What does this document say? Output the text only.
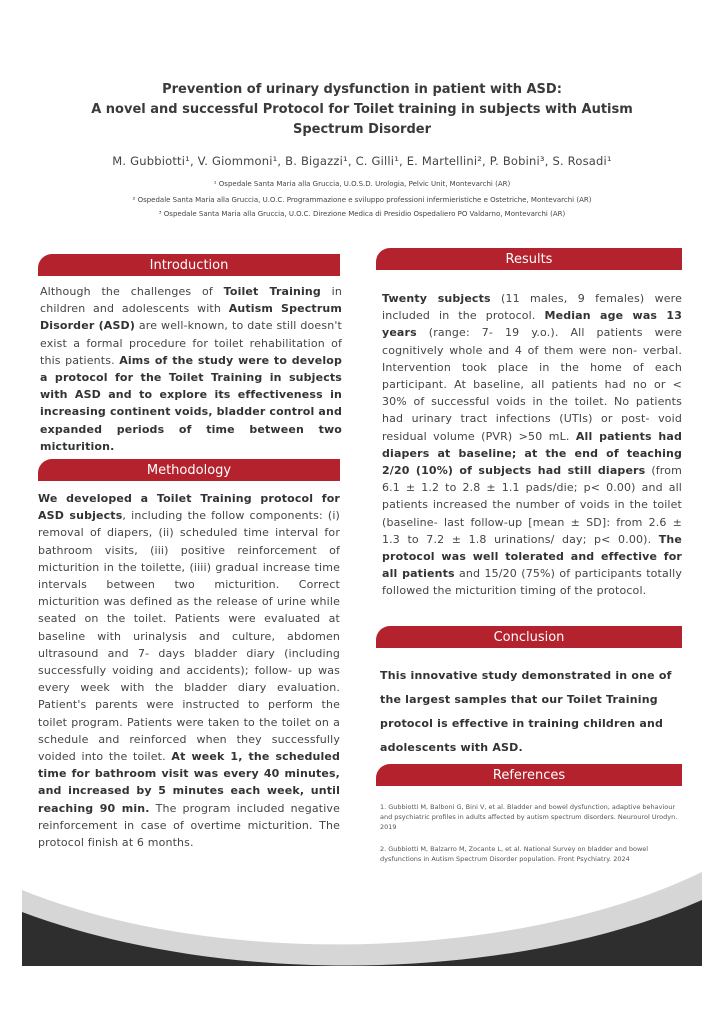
Prevention of urinary dysfunction in patient with ASD:
A novel and successful Protocol for Toilet training in subjects with Autism
Spectrum Disorder
M. Gubbiotti¹, V. Giommoni¹, B. Bigazzi¹, C. Gilli¹, E. Martellini², P. Bobini³, S. Rosadi¹
¹ Ospedale Santa Maria alla Gruccia, U.O.S.D. Urologia, Pelvic Unit, Montevarchi (AR)
² Ospedale Santa Maria alla Gruccia, U.O.C. Programmazione e sviluppo professioni infermieristiche e Ostetriche, Montevarchi (AR)
³ Ospedale Santa Maria alla Gruccia, U.O.C. Direzione Medica di Presidio Ospedaliero PO Valdarno, Montevarchi (AR)
Introduction
Although the challenges of Toilet Training in children and adolescents with Autism Spectrum Disorder (ASD) are well-known, to date still doesn't exist a formal procedure for toilet rehabilitation of this patients. Aims of the study were to develop a protocol for the Toilet Training in subjects with ASD and to explore its effectiveness in increasing continent voids, bladder control and expanded periods of time between two micturition.
Methodology
We developed a Toilet Training protocol for ASD subjects, including the follow components: (i) removal of diapers, (ii) scheduled time interval for bathroom visits, (iii) positive reinforcement of micturition in the toilette, (iiii) gradual increase time intervals between two micturition. Correct micturition was defined as the release of urine while seated on the toilet. Patients were evaluated at baseline with urinalysis and culture, abdomen ultrasound and 7- days bladder diary (including successfully voiding and accidents); follow- up was every week with the bladder diary evaluation. Patient's parents were instructed to perform the toilet program. Patients were taken to the toilet on a schedule and reinforced when they successfully voided into the toilet. At week 1, the scheduled time for bathroom visit was every 40 minutes, and increased by 5 minutes each week, until reaching 90 min. The program included negative reinforcement in case of overtime micturition. The protocol finish at 6 months.
Results
Twenty subjects (11 males, 9 females) were included in the protocol. Median age was 13 years (range: 7- 19 y.o.). All patients were cognitively whole and 4 of them were non- verbal. Intervention took place in the home of each participant. At baseline, all patients had no or < 30% of successful voids in the toilet. No patients had urinary tract infections (UTIs) or post- void residual volume (PVR) >50 mL. All patients had diapers at baseline; at the end of teaching 2/20 (10%) of subjects had still diapers (from 6.1 ± 1.2 to 2.8 ± 1.1 pads/die; p< 0.00) and all patients increased the number of voids in the toilet (baseline- last follow-up [mean ± SD]: from 2.6 ± 1.3 to 7.2 ± 1.8 urinations/ day; p< 0.00). The protocol was well tolerated and effective for all patients and 15/20 (75%) of participants totally followed the micturition timing of the protocol.
Conclusion
This innovative study demonstrated in one of the largest samples that our Toilet Training protocol is effective in training children and adolescents with ASD.
References
1. Gubbiotti M, Balboni G, Bini V, et al. Bladder and bowel dysfunction, adaptive behaviour and psychiatric profiles in adults affected by autism spectrum disorders. Neurourol Urodyn. 2019
2. Gubbiotti M, Balzarro M, Zocante L, et al. National Survey on bladder and bowel dysfunctions in Autism Spectrum Disorder population. Front Psychiatry. 2024
